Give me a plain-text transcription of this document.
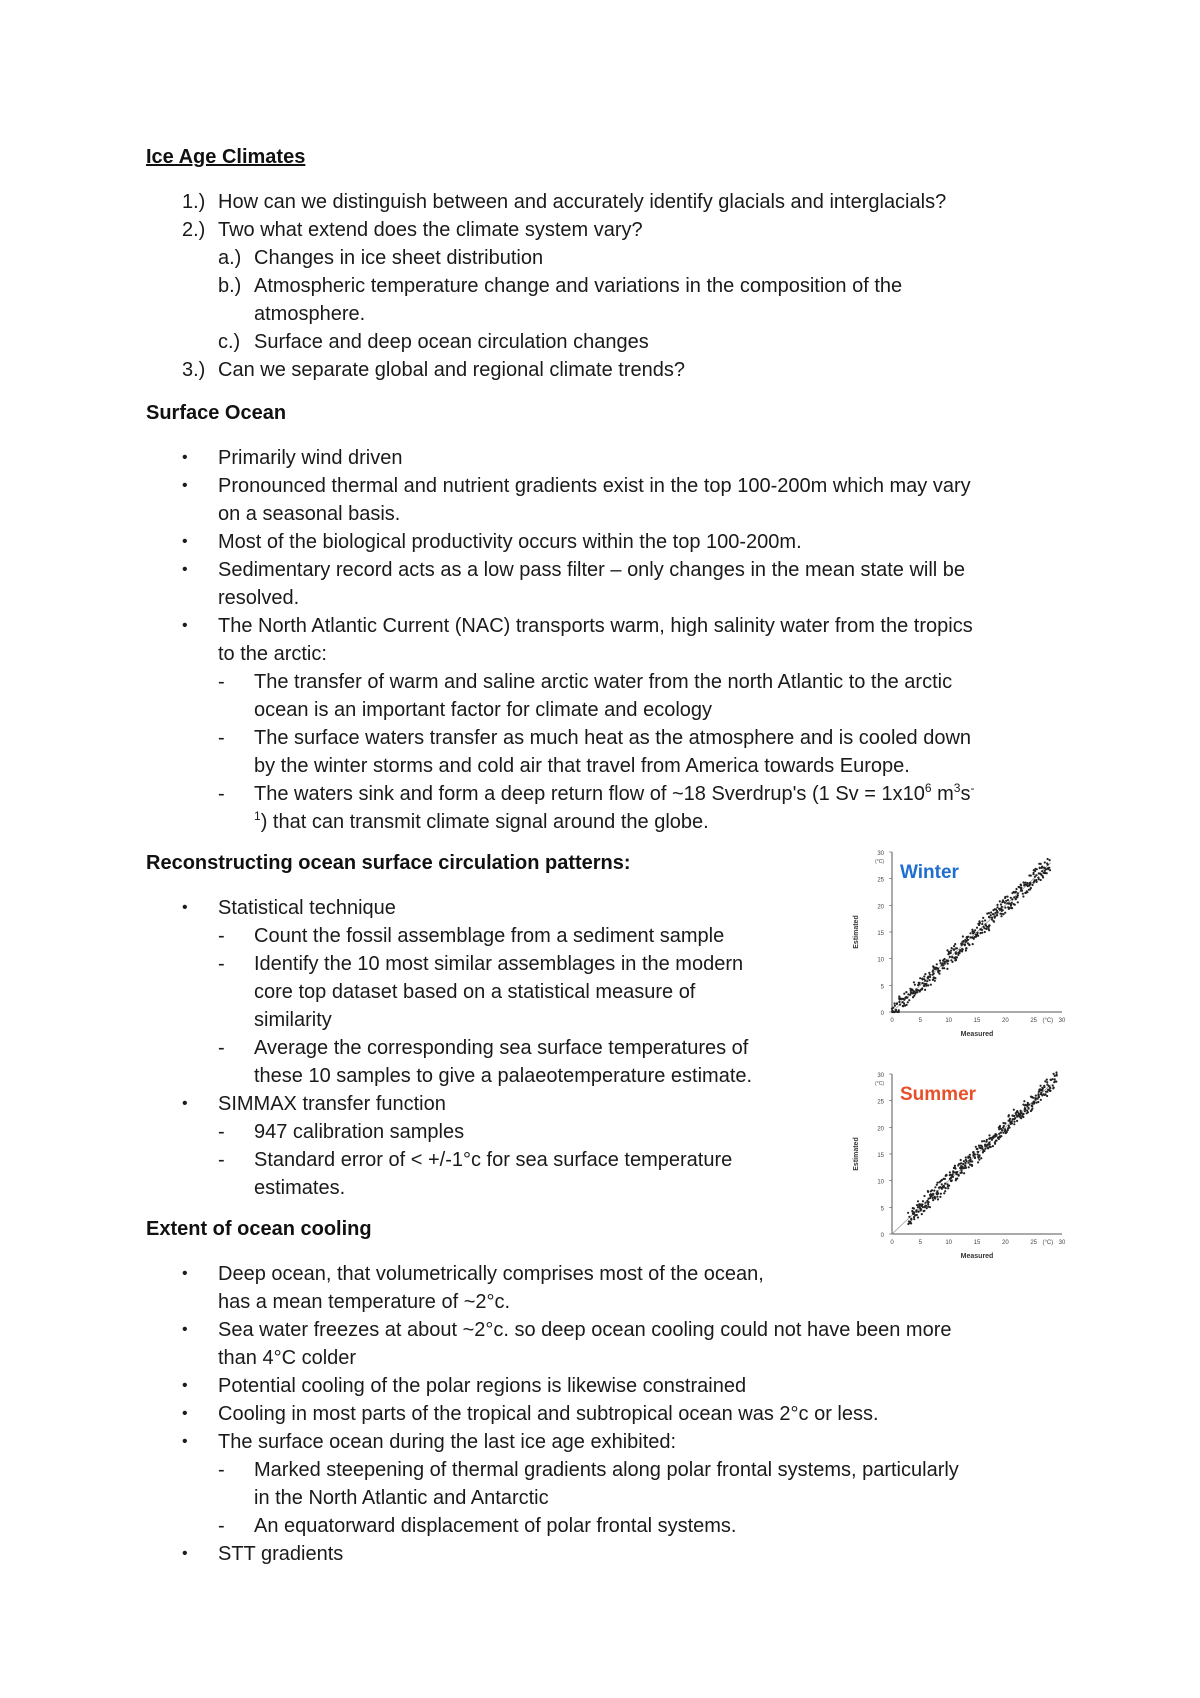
Ice Age Climates
1.) How can we distinguish between and accurately identify glacials and interglacials?
2.) Two what extend does the climate system vary?
a.) Changes in ice sheet distribution
b.) Atmospheric temperature change and variations in the composition of the
atmosphere.
c.) Surface and deep ocean circulation changes
3.) Can we separate global and regional climate trends?
Surface Ocean
• Primarily wind driven
• Pronounced thermal and nutrient gradients exist in the top 100-200m which may vary
on a seasonal basis.
• Most of the biological productivity occurs within the top 100-200m.
• Sedimentary record acts as a low pass filter – only changes in the mean state will be
resolved.
• The North Atlantic Current (NAC) transports warm, high salinity water from the tropics
to the arctic:
- The transfer of warm and saline arctic water from the north Atlantic to the arctic
ocean is an important factor for climate and ecology
- The surface waters transfer as much heat as the atmosphere and is cooled down
by the winter storms and cold air that travel from America towards Europe.
- The waters sink and form a deep return flow of ~18 Sverdrup's (1 $Sv = 1x10^6$ $m^3s^-$
$^1$) that can transmit climate signal around the globe.
Reconstructing ocean surface circulation patterns:
• Statistical technique
- Count the fossil assemblage from a sediment sample
- Identify the 10 most similar assemblages in the modern
core top dataset based on a statistical measure of
similarity
- Average the corresponding sea surface temperatures of
these 10 samples to give a palaeotemperature estimate.
• SIMMAX transfer function
- 947 calibration samples
- Standard error of < +/-1°c for sea surface temperature
estimates.
Extent of ocean cooling
• Deep ocean, that volumetrically comprises most of the ocean,
has a mean temperature of ~2°c.
• Sea water freezes at about ~2°c. so deep ocean cooling could not have been more
than 4°C colder
• Potential cooling of the polar regions is likewise constrained
• Cooling in most parts of the tropical and subtropical ocean was 2°c or less.
• The surface ocean during the last ice age exhibited:
- Marked steepening of thermal gradients along polar frontal systems, particularly
in the North Atlantic and Antarctic
- An equatorward displacement of polar frontal systems.
• STT gradients
30
25
20
15
10
5
0
(°C)
0	5	10	15	20	25 (°C) 30
Measured
Estimated
Winter
30
25
20
15
10
5
0
(°C)
0	5	10	15	20	25 (°C) 30
Measured
Estimated
Summer
